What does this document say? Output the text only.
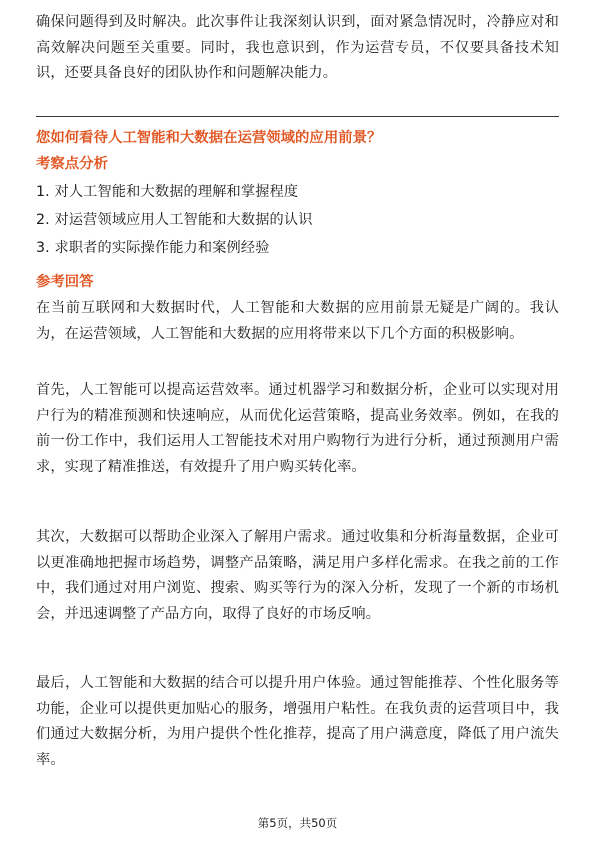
确保问题得到及时解决。此次事件让我深刻认识到，面对紧急情况时，冷静应对和高效解决问题至关重要。同时，我也意识到，作为运营专员，不仅要具备技术知识，还要具备良好的团队协作和问题解决能力。

您如何看待人工智能和大数据在运营领域的应用前景？

考察点分析

1. 对人工智能和大数据的理解和掌握程度

2. 对运营领域应用人工智能和大数据的认识

3. 求职者的实际操作能力和案例经验

参考回答

在当前互联网和大数据时代，人工智能和大数据的应用前景无疑是广阔的。我认为，在运营领域，人工智能和大数据的应用将带来以下几个方面的积极影响。

首先，人工智能可以提高运营效率。通过机器学习和数据分析，企业可以实现对用户行为的精准预测和快速响应，从而优化运营策略，提高业务效率。例如，在我的前一份工作中，我们运用人工智能技术对用户购物行为进行分析，通过预测用户需求，实现了精准推送，有效提升了用户购买转化率。

其次，大数据可以帮助企业深入了解用户需求。通过收集和分析海量数据，企业可以更准确地把握市场趋势，调整产品策略，满足用户多样化需求。在我之前的工作中，我们通过对用户浏览、搜索、购买等行为的深入分析，发现了一个新的市场机会，并迅速调整了产品方向，取得了良好的市场反响。

最后，人工智能和大数据的结合可以提升用户体验。通过智能推荐、个性化服务等功能，企业可以提供更加贴心的服务，增强用户粘性。在我负责的运营项目中，我们通过大数据分析，为用户提供个性化推荐，提高了用户满意度，降低了用户流失率。

第5页，共50页
